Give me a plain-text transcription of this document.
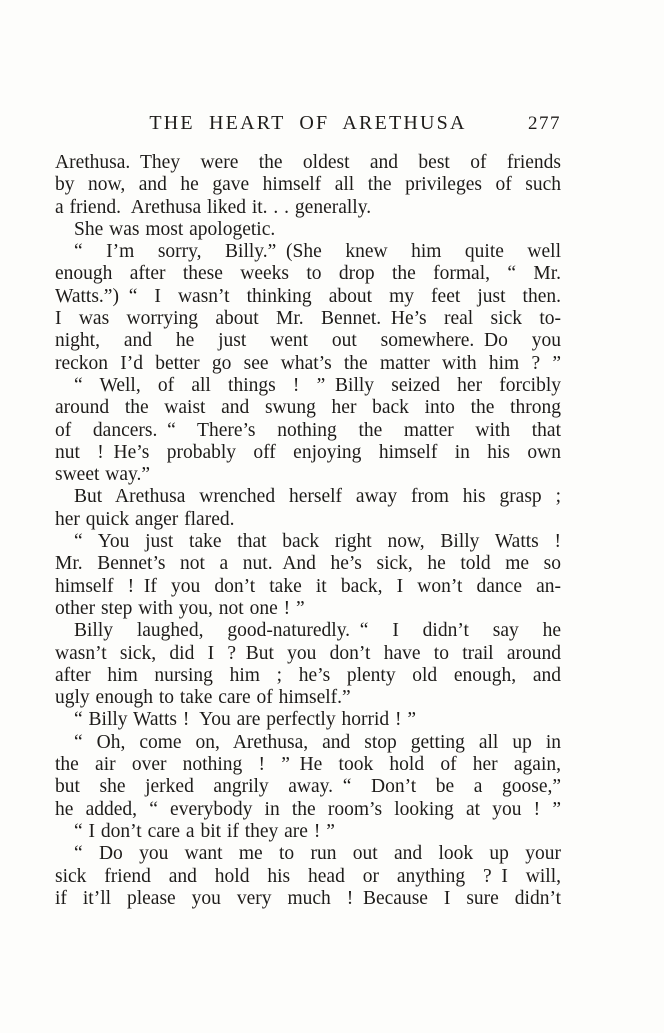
THE HEART OF ARETHUSA	277
Arethusa. They were the oldest and best of friends
by now, and he gave himself all the privileges of such
a friend. Arethusa liked it. . . generally.
She was most apologetic.
“ I’m sorry, Billy.” (She knew him quite well
enough after these weeks to drop the formal, “ Mr.
Watts.”) “ I wasn’t thinking about my feet just then.
I was worrying about Mr. Bennet. He’s real sick to-
night, and he just went out somewhere. Do you
reckon I’d better go see what’s the matter with him ? ”
“ Well, of all things ! ” Billy seized her forcibly
around the waist and swung her back into the throng
of dancers. “ There’s nothing the matter with that
nut ! He’s probably off enjoying himself in his own
sweet way.”
But Arethusa wrenched herself away from his grasp ;
her quick anger flared.
“ You just take that back right now, Billy Watts !
Mr. Bennet’s not a nut. And he’s sick, he told me so
himself ! If you don’t take it back, I won’t dance an-
other step with you, not one ! ”
Billy laughed, good-naturedly. “ I didn’t say he
wasn’t sick, did I ? But you don’t have to trail around
after him nursing him ; he’s plenty old enough, and
ugly enough to take care of himself.”
“ Billy Watts ! You are perfectly horrid ! ”
“ Oh, come on, Arethusa, and stop getting all up in
the air over nothing ! ” He took hold of her again,
but she jerked angrily away. “ Don’t be a goose,”
he added, “ everybody in the room’s looking at you ! ”
“ I don’t care a bit if they are ! ”
“ Do you want me to run out and look up your
sick friend and hold his head or anything ? I will,
if it’ll please you very much ! Because I sure didn’t
